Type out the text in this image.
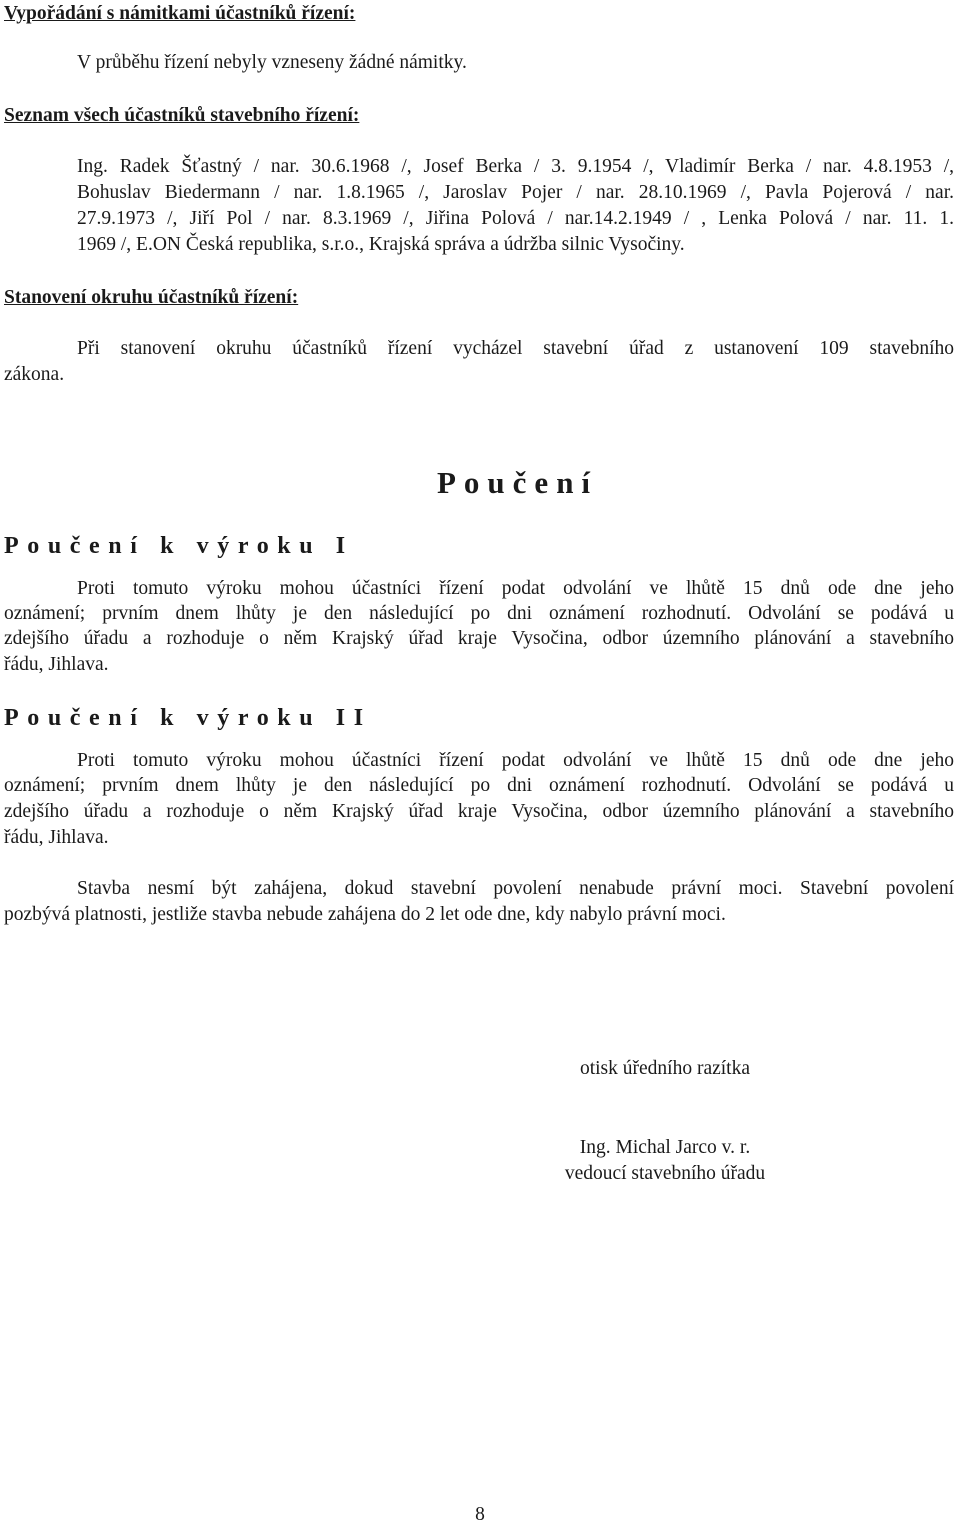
Vypořádání s námitkami účastníků řízení:
V průběhu řízení nebyly vzneseny žádné námitky.
Seznam všech účastníků stavebního řízení:
Ing. Radek Šťastný / nar. 30.6.1968 /, Josef Berka / 3. 9.1954 /, Vladimír Berka / nar. 4.8.1953 /,
Bohuslav Biedermann / nar. 1.8.1965 /, Jaroslav Pojer / nar. 28.10.1969 /, Pavla Pojerová / nar.
27.9.1973 /, Jiří Pol / nar. 8.3.1969 /, Jiřina Polová / nar.14.2.1949 / , Lenka Polová / nar. 11. 1.
1969 /, E.ON Česká republika, s.r.o., Krajská správa a údržba silnic Vysočiny.
Stanovení okruhu účastníků řízení:
Při stanovení okruhu účastníků řízení vycházel stavební úřad z ustanovení 109 stavebního
zákona.
Poučení
Poučení k výroku I
Proti tomuto výroku mohou účastníci řízení podat odvolání ve lhůtě 15 dnů ode dne jeho
oznámení; prvním dnem lhůty je den následující po dni oznámení rozhodnutí. Odvolání se podává u
zdejšího úřadu a rozhoduje o něm Krajský úřad kraje Vysočina, odbor územního plánování a stavebního
řádu, Jihlava.
Poučení k výroku II
Proti tomuto výroku mohou účastníci řízení podat odvolání ve lhůtě 15 dnů ode dne jeho
oznámení; prvním dnem lhůty je den následující po dni oznámení rozhodnutí. Odvolání se podává u
zdejšího úřadu a rozhoduje o něm Krajský úřad kraje Vysočina, odbor územního plánování a stavebního
řádu, Jihlava.
Stavba nesmí být zahájena, dokud stavební povolení nenabude právní moci. Stavební povolení
pozbývá platnosti, jestliže stavba nebude zahájena do 2 let ode dne, kdy nabylo právní moci.
otisk úředního razítka
Ing. Michal Jarco v. r.
vedoucí stavebního úřadu
8
